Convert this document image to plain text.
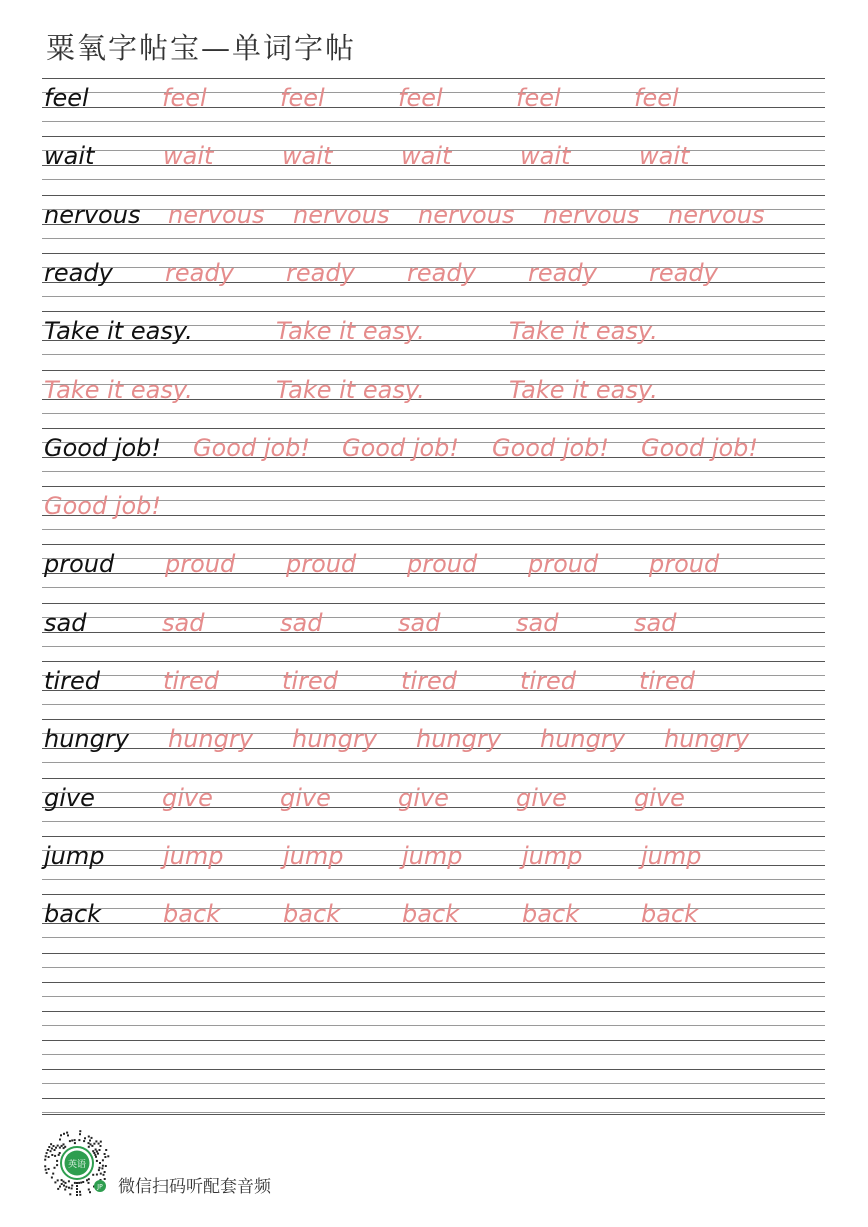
粟氧字帖宝—单词字帖
feel	feel	feel	feel	feel	feel
wait	wait	wait	wait	wait	wait
nervous nervous nervous nervous nervous nervous
ready ready ready ready ready ready
Take it easy.	Take it easy.	Take it easy.
Take it easy.	Take it easy.	Take it easy.
Good job! Good job! Good job! Good job! Good job!
Good job!
proud proud proud proud proud proud
sad	sad	sad	sad	sad	sad
tired	tired	tired	tired	tired	tired
hungry hungry hungry hungry hungry hungry
give	give	give	give	give	give
jump jump jump jump jump jump
back	back	back	back	back	back
英语
JP 微信扫码听配套音频
